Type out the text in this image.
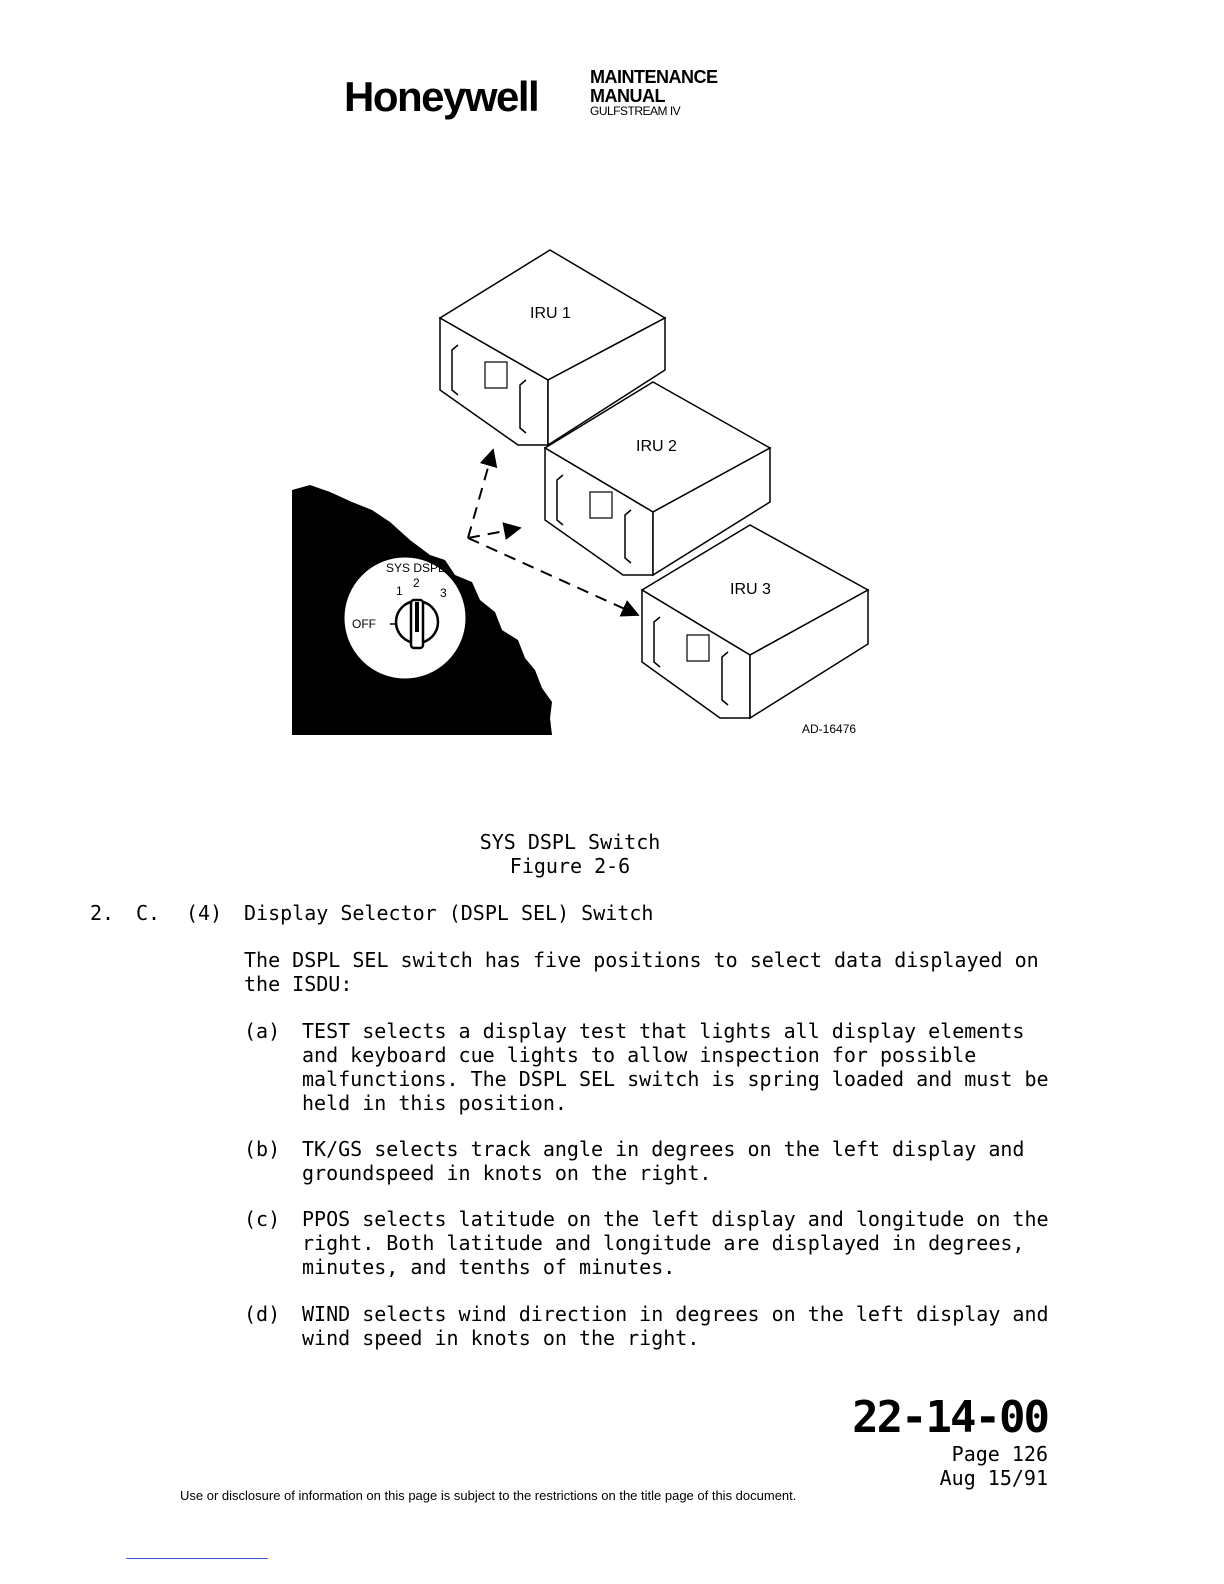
Honeywell	MAINTENANCE
MANUAL
GULFSTREAM IV
SYS DSPL
2
1	3
OFF
IRU 1
IRU 2
IRU 3
AD-16476
SYS DSPL Switch
Figure 2-6
2. C. (4) Display Selector (DSPL SEL) Switch
The DSPL SEL switch has five positions to select data displayed on the ISDU:
(a) TEST selects a display test that lights all display elements and keyboard cue lights to allow inspection for possible malfunctions. The DSPL SEL switch is spring loaded and must be held in this position.
(b) TK/GS selects track angle in degrees on the left display and groundspeed in knots on the right.
(c) PPOS selects latitude on the left display and longitude on the right. Both latitude and longitude are displayed in degrees, minutes, and tenths of minutes.
(d) WIND selects wind direction in degrees on the left display and wind speed in knots on the right.
22-14-00
Page 126
Aug 15/91
Use or disclosure of information on this page is subject to the restrictions on the title page of this document.
